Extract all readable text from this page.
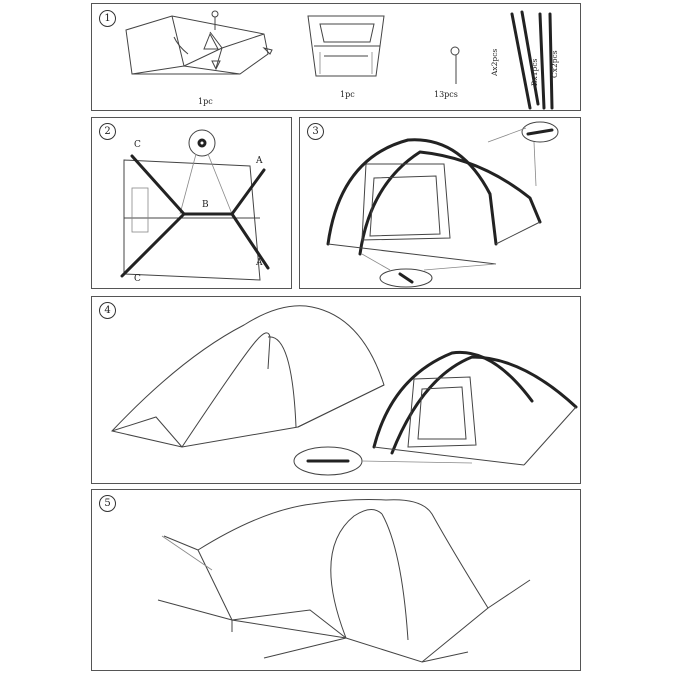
1
1pc
1pc	13pcs
Ax2pcs	Bx1pcs Cx2pcs
2
C
C
A
A
B
3
4
5
